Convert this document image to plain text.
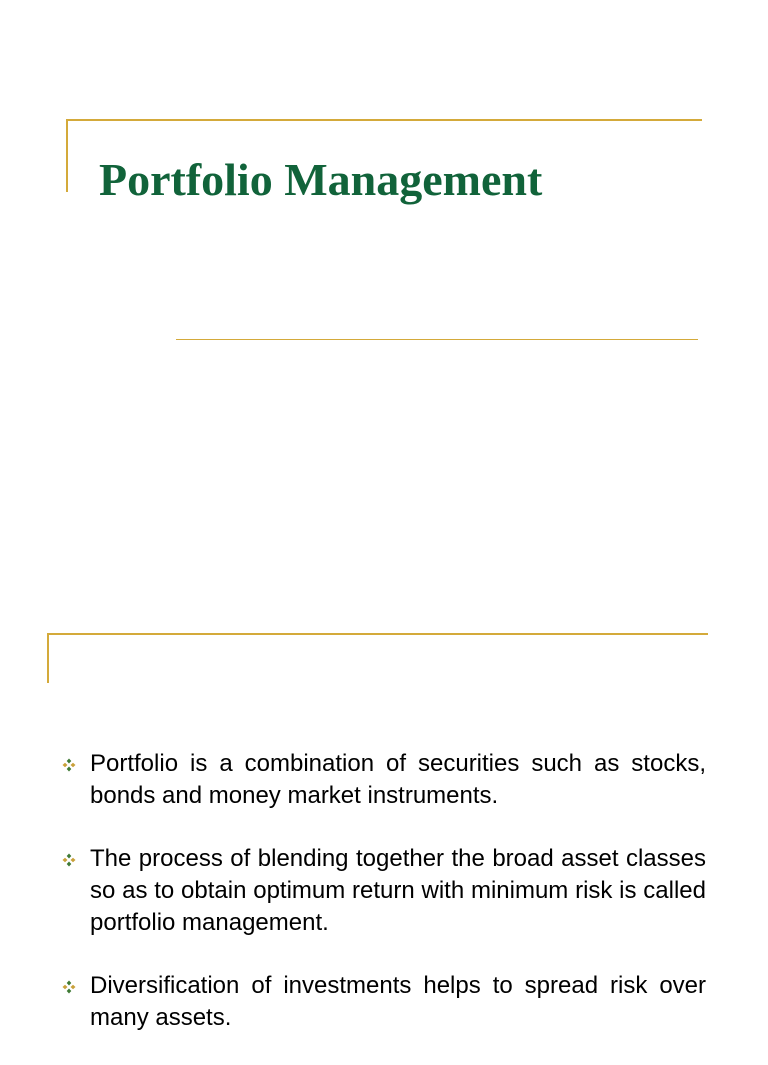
Portfolio Management
Portfolio is a combination of securities such as stocks, bonds and money market instruments.
The process of blending together the broad asset classes so as to obtain optimum return with minimum risk is called portfolio management.
Diversification of investments helps to spread risk over many assets.
